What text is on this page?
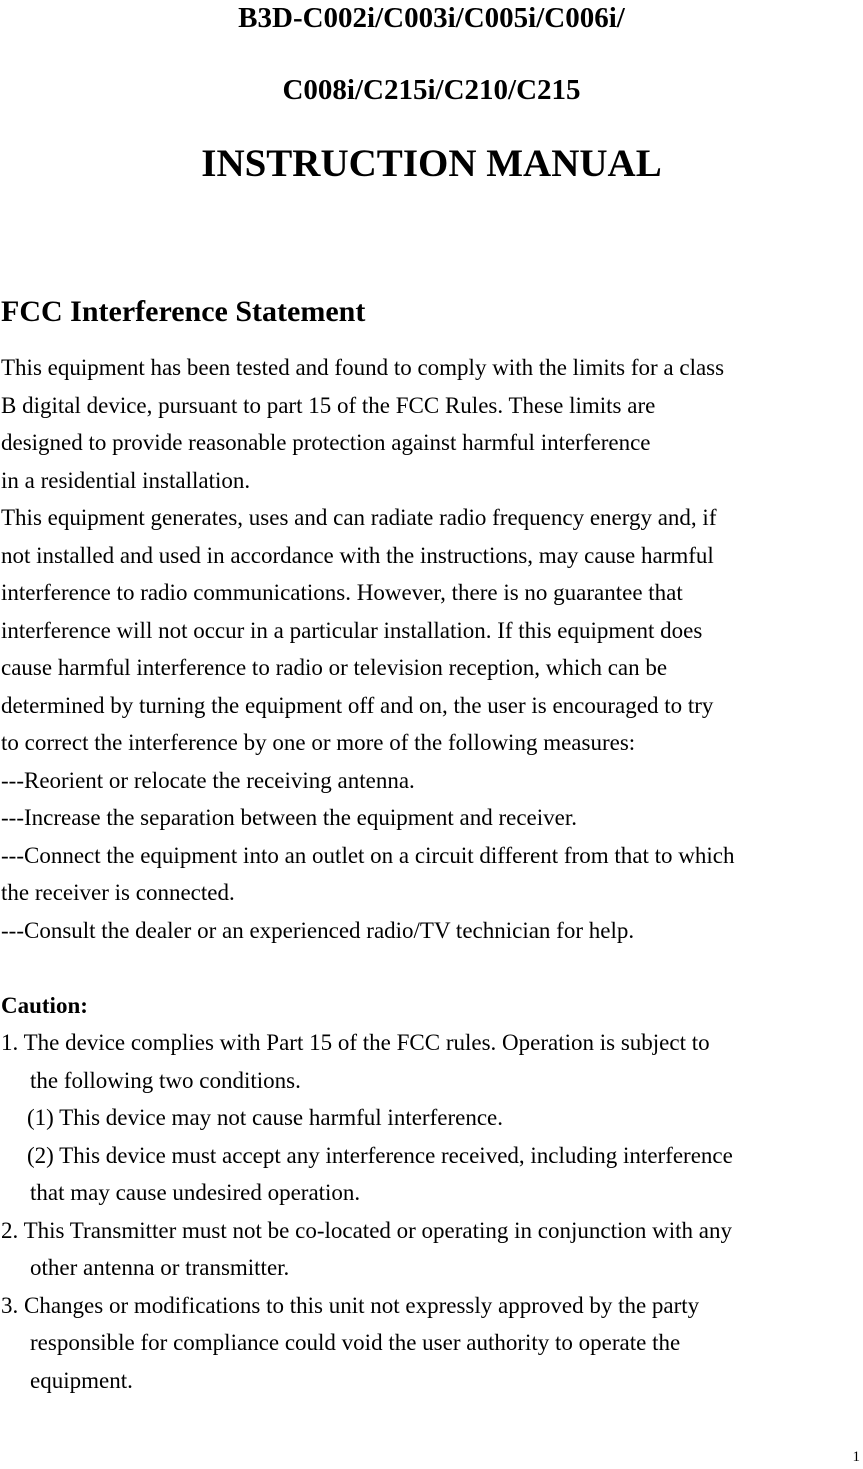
B3D-C002i/C003i/C005i/C006i/
C008i/C215i/C210/C215
INSTRUCTION MANUAL
FCC Interference Statement
This equipment has been tested and found to comply with the limits for a class
B digital device, pursuant to part 15 of the FCC Rules. These limits are
designed to provide reasonable protection against harmful interference
in a residential installation.
This equipment generates, uses and can radiate radio frequency energy and, if
not installed and used in accordance with the instructions, may cause harmful
interference to radio communications. However, there is no guarantee that
interference will not occur in a particular installation. If this equipment does
cause harmful interference to radio or television reception, which can be
determined by turning the equipment off and on, the user is encouraged to try
to correct the interference by one or more of the following measures:
---Reorient or relocate the receiving antenna.
---Increase the separation between the equipment and receiver.
---Connect the equipment into an outlet on a circuit different from that to which
the receiver is connected.
---Consult the dealer or an experienced radio/TV technician for help.
Caution:
1. The device complies with Part 15 of the FCC rules. Operation is subject to
the following two conditions.
(1) This device may not cause harmful interference.
(2) This device must accept any interference received, including interference
that may cause undesired operation.
2. This Transmitter must not be co-located or operating in conjunction with any
other antenna or transmitter.
3. Changes or modifications to this unit not expressly approved by the party
responsible for compliance could void the user authority to operate the
equipment.
1
